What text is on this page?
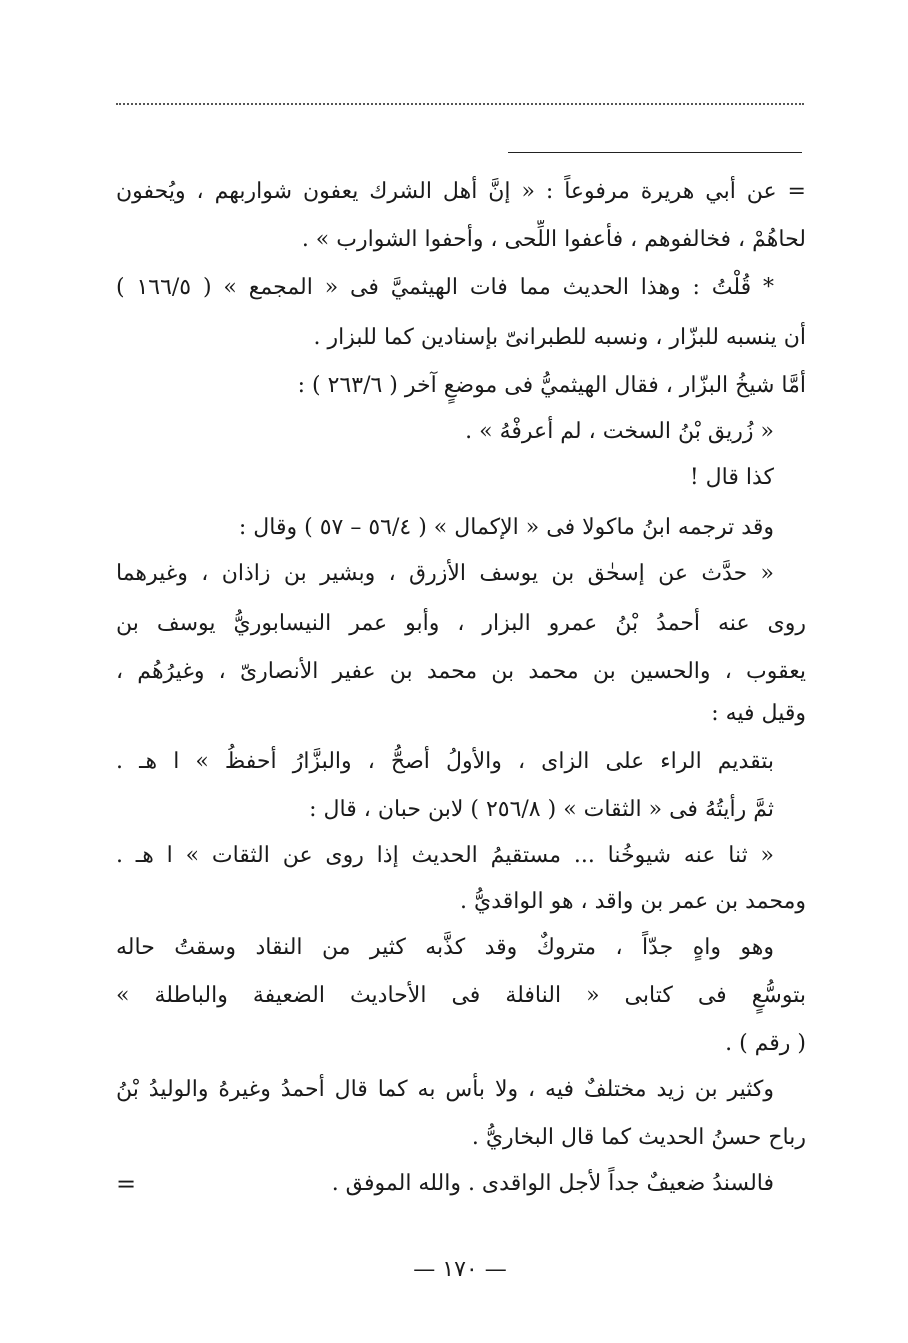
= عن أبي هريرة مرفوعاً : « إنَّ أهل الشرك يعفون شواربهم ، ويُحفون
لحاهُمْ ، فخالفوهم ، فأعفوا اللِّحى ، وأحفوا الشوارب » .
* قُلْتُ : وهذا الحديث مما فات الهيثميَّ فى « المجمع » ( ١٦٦/٥ )
أن ينسبه للبزّار ، ونسبه للطبرانىّ بإسنادين كما للبزار .
أمَّا شيخُ البزّار ، فقال الهيثميُّ فى موضعٍ آخر ( ٢٦٣/٦ ) :
« زُريق بْنُ السخت ، لم أعرفْهُ » .
كذا قال !
وقد ترجمه ابنُ ماكولا فى « الإكمال » ( ٥٦/٤ – ٥٧ ) وقال :
« حدَّث عن إسحٰق بن يوسف الأزرق ، وبشير بن زاذان ، وغيرهما
روى عنه أحمدُ بْنُ عمرو البزار ، وأبو عمر النيسابوريُّ يوسف بن
يعقوب ، والحسين بن محمد بن محمد بن عفير الأنصارىّ ، وغيرُهُم ،
وقيل فيه :
بتقديم الراء على الزاى ، والأولُ أصحُّ ، والبزَّارُ أحفظُ » ا هـ .
ثمَّ رأيتُهُ فى « الثقات » ( ٢٥٦/٨ ) لابن حبان ، قال :
« ثنا عنه شيوخُنا ... مستقيمُ الحديث إذا روى عن الثقات » ا هـ .
ومحمد بن عمر بن واقد ، هو الواقديُّ .
وهو واهٍ جدّاً ، متروكٌ وقد كذَّبه كثير من النقاد وسقتُ حاله
بتوسُّعٍ فى كتابى « النافلة فى الأحاديث الضعيفة والباطلة »
( رقم ) .
وكثير بن زيد مختلفٌ فيه ، ولا بأس به كما قال أحمدُ وغيرهُ والوليدُ بْنُ
رباح حسنُ الحديث كما قال البخاريُّ .
فالسندُ ضعيفٌ جداً لأجل الواقدى . والله الموفق .
=
— ١٧٠ —
